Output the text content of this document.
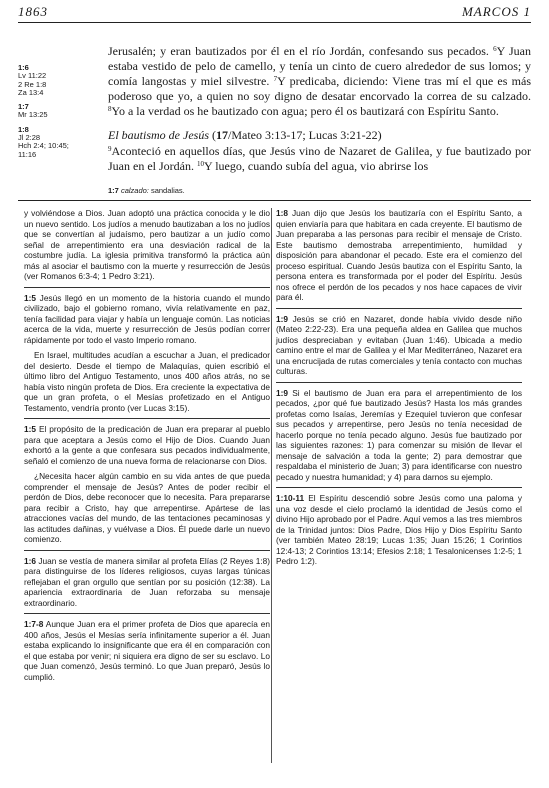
1863	MARCOS 1
1:6
Lv 11:22
2 Re 1:8
Za 13:4
1:7
Mr 13:25
1:8
Jl 2:28
Hch 2:4; 10:45;
11:16

Jerusalén; y eran bautizados por él en el río Jordán, confesando sus pecados. $^6$Y Juan estaba vestido de pelo de camello, y tenía un cinto de cuero alrededor de sus lomos; y comía langostas y miel silvestre. $^7$Y predicaba, diciendo: Viene tras mí el que es más poderoso que yo, a quien no soy digno de desatar encorvado la correa de su calzado. $^8$Yo a la verdad os he bautizado con agua; pero él os bautizará con Espíritu Santo.

El bautismo de Jesús (17/Mateo 3:13-17; Lucas 3:21-22)

$^9$Aconteció en aquellos días, que Jesús vino de Nazaret de Galilea, y fue bautizado por Juan en el Jordán. $^{10}$Y luego, cuando subía del agua, vio abrirse los

1:7 calzado: sandalias.

y volviéndose a Dios. Juan adoptó una práctica conocida y le dio un nuevo sentido. Los judíos a menudo bautizaban a los no judíos que se convertían al judaísmo, pero bautizar a un judío como señal de arrepentimiento era una desviación radical de la costumbre judía. La iglesia primitiva transformó la práctica aún más al asociar el bautismo con la muerte y resurrección de Jesús (ver Romanos 6:3-4; 1 Pedro 3:21).

1:5 Jesús llegó en un momento de la historia cuando el mundo civilizado, bajo el gobierno romano, vivía relativamente en paz, tenía facilidad para viajar y había un lenguaje común. Las noticias acerca de la vida, muerte y resurrección de Jesús podían correr rápidamente por todo el vasto Imperio romano.

En Israel, multitudes acudían a escuchar a Juan, el predicador del desierto. Desde el tiempo de Malaquías, quien escribió el último libro del Antiguo Testamento, unos 400 años atrás, no se había visto ningún profeta de Dios. Era creciente la expectativa de que un gran profeta, o el Mesías profetizado en el Antiguo Testamento, vendría pronto (ver Lucas 3:15).

1:5 El propósito de la predicación de Juan era preparar al pueblo para que aceptara a Jesús como el Hijo de Dios. Cuando Juan exhortó a la gente a que confesara sus pecados individualmente, señaló el comienzo de una nueva forma de relacionarse con Dios.

¿Necesita hacer algún cambio en su vida antes de que pueda comprender el mensaje de Jesús? Antes de poder recibir el perdón de Dios, debe reconocer que lo necesita. Para prepararse para recibir a Cristo, hay que arrepentirse. Apártese de las atracciones vacías del mundo, de las tentaciones pecaminosas y las actitudes dañinas, y vuélvase a Dios. Él puede darle un nuevo comienzo.

1:6 Juan se vestía de manera similar al profeta Elías (2 Reyes 1:8) para distinguirse de los líderes religiosos, cuyas largas túnicas reflejaban el gran orgullo que sentían por su posición (12:38). La apariencia extraordinaria de Juan reforzaba su mensaje extraordinario.

1:7-8 Aunque Juan era el primer profeta de Dios que aparecía en 400 años, Jesús el Mesías sería infinitamente superior a él. Juan estaba explicando lo insignificante que era él en comparación con el que estaba por venir; ni siquiera era digno de ser su esclavo. Lo que Juan comenzó, Jesús terminó. Lo que Juan preparó, Jesús lo cumplió.

1:8 Juan dijo que Jesús los bautizaría con el Espíritu Santo, a quien enviaría para que habitara en cada creyente. El bautismo de Juan preparaba a las personas para recibir el mensaje de Cristo. Este bautismo demostraba arrepentimiento, humildad y disposición para abandonar el pecado. Este era el comienzo del proceso espiritual. Cuando Jesús bautiza con el Espíritu Santo, la persona entera es transformada por el poder del Espíritu. Jesús nos ofrece el perdón de los pecados y nos hace capaces de vivir para él.

1:9 Jesús se crió en Nazaret, donde había vivido desde niño (Mateo 2:22-23). Era una pequeña aldea en Galilea que muchos judíos despreciaban y evitaban (Juan 1:46). Ubicada a medio camino entre el mar de Galilea y el Mar Mediterráneo, Nazaret era una encrucijada de rutas comerciales y tenía contacto con muchas culturas.

1:9 Si el bautismo de Juan era para el arrepentimiento de los pecados, ¿por qué fue bautizado Jesús? Hasta los más grandes profetas como Isaías, Jeremías y Ezequiel tuvieron que confesar sus pecados y arrepentirse, pero Jesús no tenía necesidad de hacerlo porque no tenía pecado alguno. Jesús fue bautizado por las siguientes razones: 1) para comenzar su misión de llevar el mensaje de salvación a toda la gente; 2) para demostrar que respaldaba el ministerio de Juan; 3) para identificarse con nuestro pecado y nuestra humanidad; y 4) para darnos su ejemplo.

1:10-11 El Espíritu descendió sobre Jesús como una paloma y una voz desde el cielo proclamó la identidad de Jesús como el divino Hijo aprobado por el Padre. Aquí vemos a las tres miembros de la Trinidad juntos: Dios Padre, Dios Hijo y Dios Espíritu Santo (ver también Mateo 28:19; Lucas 1:35; Juan 15:26; 1 Corintios 12:4-13; 2 Corintios 13:14; Efesios 2:18; 1 Tesalonicenses 1:2-5; 1 Pedro 1:2).
